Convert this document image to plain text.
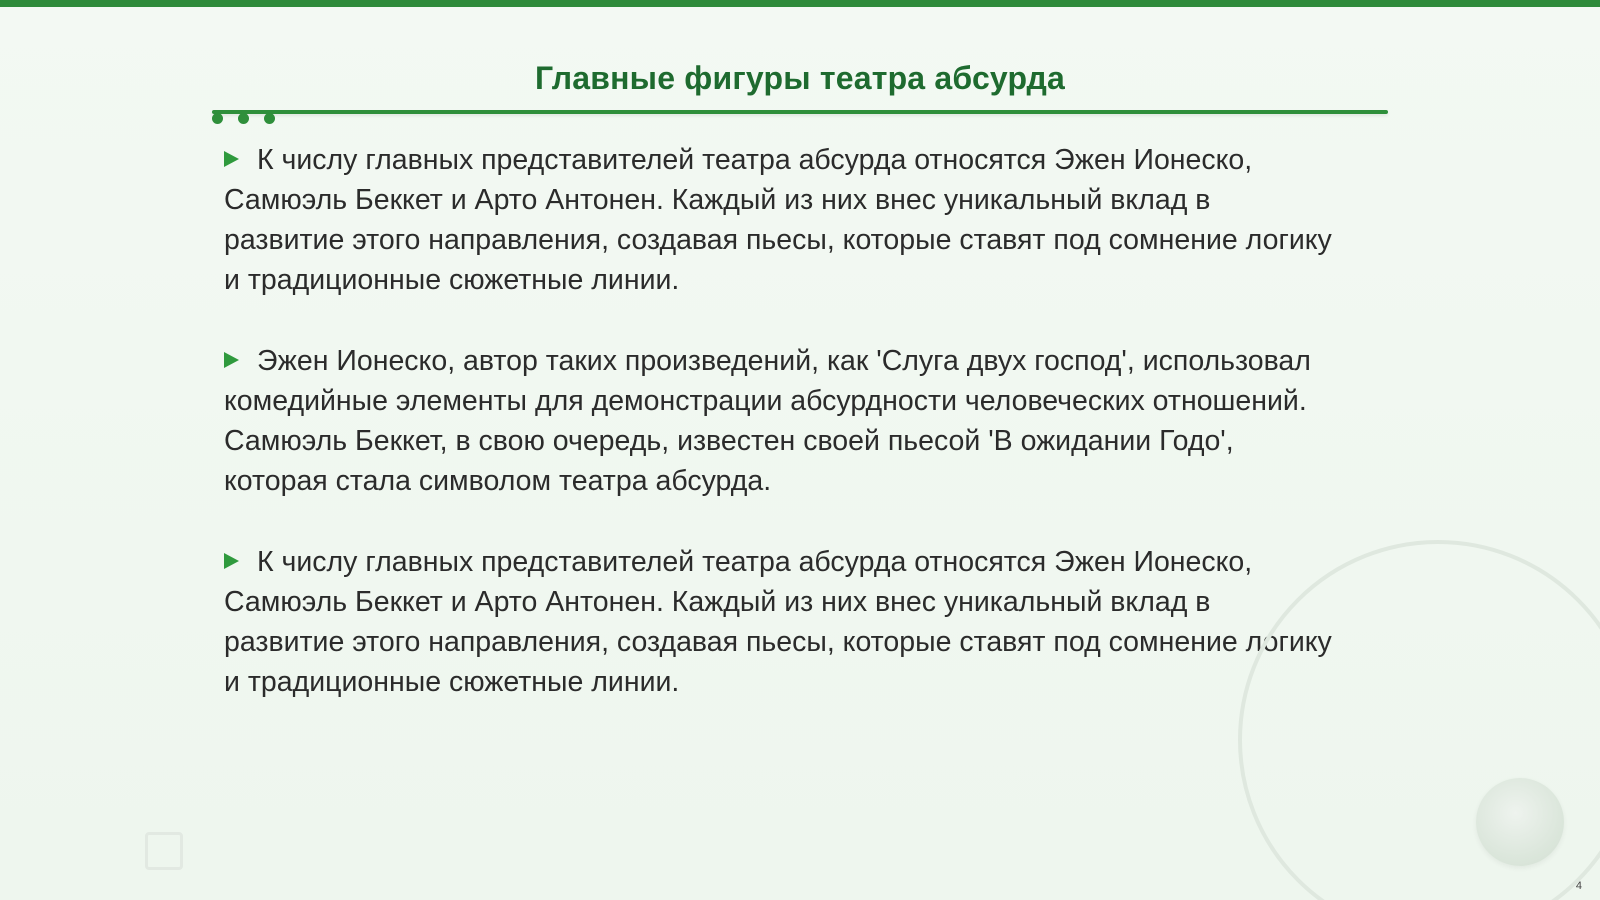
Главные фигуры театра абсурда

К числу главных представителей театра абсурда относятся Эжен Ионеско, Самюэль Беккет и Арто Антонен. Каждый из них внес уникальный вклад в развитие этого направления, создавая пьесы, которые ставят под сомнение логику и традиционные сюжетные линии.

Эжен Ионеско, автор таких произведений, как 'Слуга двух господ', использовал комедийные элементы для демонстрации абсурдности человеческих отношений. Самюэль Беккет, в свою очередь, известен своей пьесой 'В ожидании Годо', которая стала символом театра абсурда.

К числу главных представителей театра абсурда относятся Эжен Ионеско, Самюэль Беккет и Арто Антонен. Каждый из них внес уникальный вклад в развитие этого направления, создавая пьесы, которые ставят под сомнение логику и традиционные сюжетные линии.

4
